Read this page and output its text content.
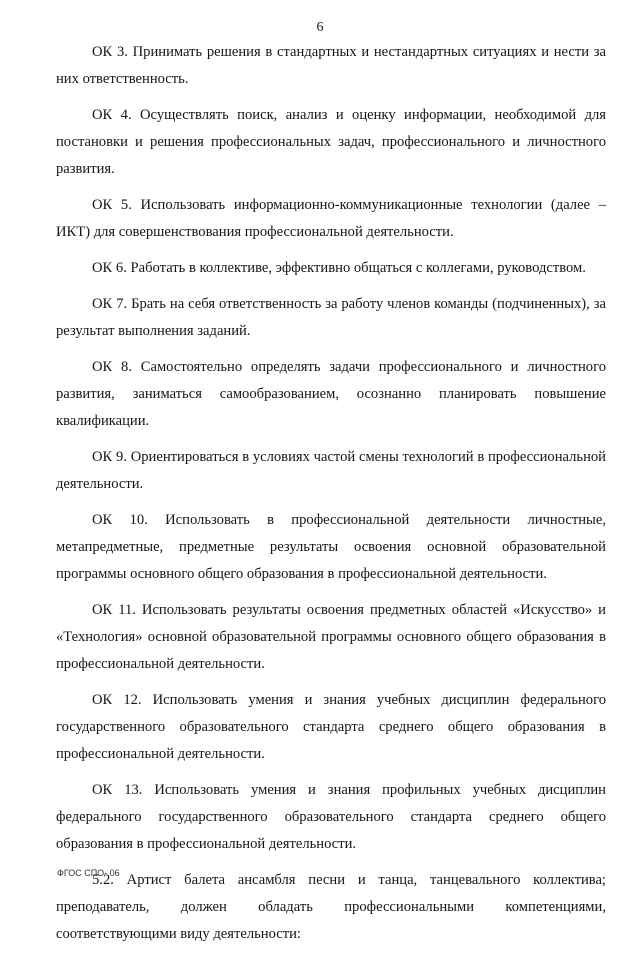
6

ОК 3. Принимать решения в стандартных и нестандартных ситуациях и нести за них ответственность.

ОК 4. Осуществлять поиск, анализ и оценку информации, необходимой для постановки и решения профессиональных задач, профессионального и личностного развития.

ОК 5. Использовать информационно-коммуникационные технологии (далее – ИКТ) для совершенствования профессиональной деятельности.

ОК 6. Работать в коллективе, эффективно общаться с коллегами, руководством.

ОК 7. Брать на себя ответственность за работу членов команды (подчиненных), за результат выполнения заданий.

ОК 8. Самостоятельно определять задачи профессионального и личностного развития, заниматься самообразованием, осознанно планировать повышение квалификации.

ОК 9. Ориентироваться в условиях частой смены технологий в профессиональной деятельности.

ОК 10. Использовать в профессиональной деятельности личностные, метапредметные, предметные результаты освоения основной образовательной программы основного общего образования в профессиональной деятельности.

ОК 11. Использовать результаты освоения предметных областей «Искусство» и «Технология» основной образовательной программы основного общего образования в профессиональной деятельности.

ОК 12. Использовать умения и знания учебных дисциплин федерального государственного образовательного стандарта среднего общего образования в профессиональной деятельности.

ОК 13. Использовать умения и знания профильных учебных дисциплин федерального государственного образовательного стандарта среднего общего образования в профессиональной деятельности.

5.2. Артист балета ансамбля песни и танца, танцевального коллектива; преподаватель, должен обладать профессиональными компетенциями, соответствующими виду деятельности:

ФГОС СПО- 06
